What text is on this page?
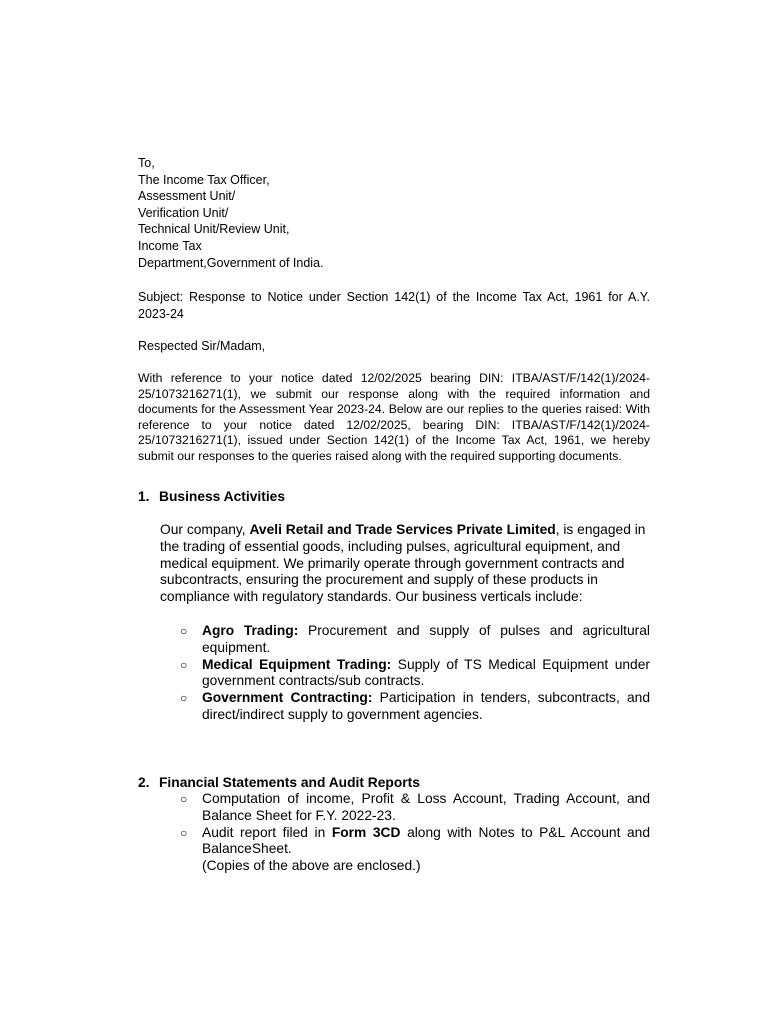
To,
The Income Tax Officer,
Assessment Unit/
Verification Unit/
Technical Unit/Review Unit,
Income Tax
Department,Government of India.
Subject: Response to Notice under Section 142(1) of the Income Tax Act, 1961 for A.Y. 2023-24
Respected Sir/Madam,
With reference to your notice dated 12/02/2025 bearing DIN: ITBA/AST/F/142(1)/2024-25/1073216271(1), we submit our response along with the required information and documents for the Assessment Year 2023-24. Below are our replies to the queries raised: With reference to your notice dated 12/02/2025, bearing DIN: ITBA/AST/F/142(1)/2024-25/1073216271(1), issued under Section 142(1) of the Income Tax Act, 1961, we hereby submit our responses to the queries raised along with the required supporting documents.
1. Business Activities
Our company, Aveli Retail and Trade Services Private Limited, is engaged in the trading of essential goods, including pulses, agricultural equipment, and medical equipment. We primarily operate through government contracts and subcontracts, ensuring the procurement and supply of these products in compliance with regulatory standards. Our business verticals include:
○ Agro Trading: Procurement and supply of pulses and agricultural equipment.
○ Medical Equipment Trading: Supply of TS Medical Equipment under government contracts/sub contracts.
○ Government Contracting: Participation in tenders, subcontracts, and direct/indirect supply to government agencies.
2. Financial Statements and Audit Reports
○ Computation of income, Profit & Loss Account, Trading Account, and Balance Sheet for F.Y. 2022-23.
○ Audit report filed in Form 3CD along with Notes to P&L Account and BalanceSheet.
(Copies of the above are enclosed.)
